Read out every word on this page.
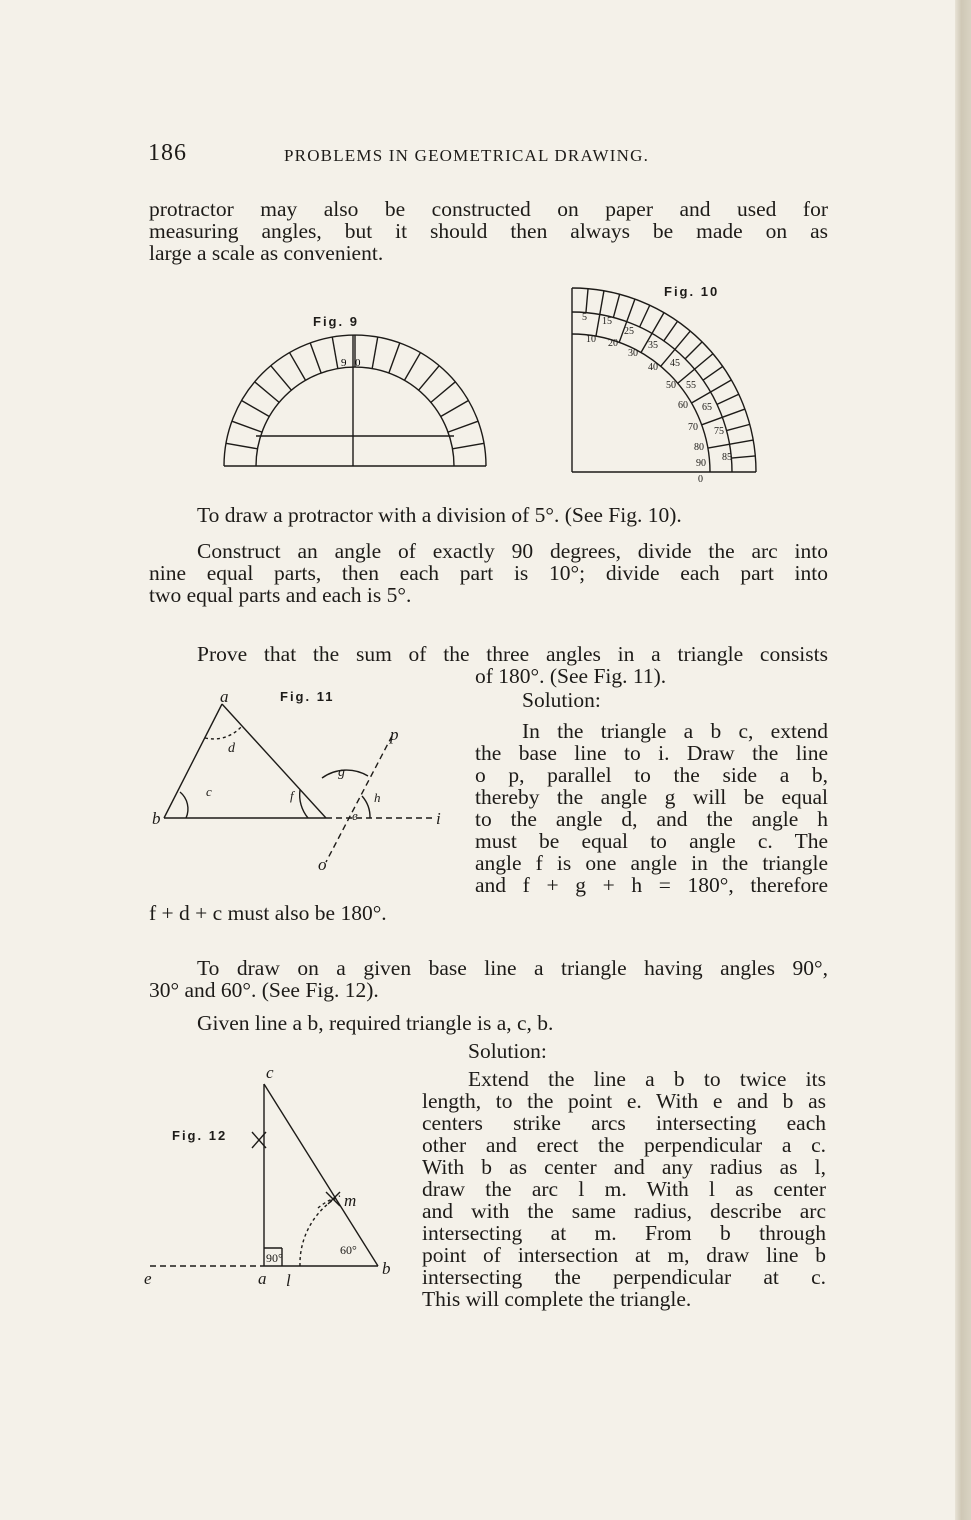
186	PROBLEMS IN GEOMETRICAL DRAWING.
protractor may also be constructed on paper and used for
measuring angles, but it should then always be made on as
large a scale as convenient.
Fig. 9
9 0
Fig. 10
5 15
25
35
45
55
65
75
85
10 20
30
40
50
60
70
80
90
0
To draw a protractor with a division of 5°. (See Fig. 10).
Construct an angle of exactly 90 degrees, divide the arc into
nine equal parts, then each part is 10°; divide each part into
two equal parts and each is 5°.
Prove that the sum of the three angles in a triangle consists
of 180°. (See Fig. 11).
Solution:
In the triangle a b c, extend
the base line to i. Draw the line
o p, parallel to the side a b,
thereby the angle g will be equal
to the angle d, and the angle h
must be equal to angle c. The
angle f is one angle in the triangle
and f + g + h = 180°, therefore
f + d + c must also be 180°.
Fig. 11
a
b
c
d
p
g
o
i
h
f
e
To draw on a given base line a triangle having angles 90°,
30° and 60°. (See Fig. 12).
Given line a b, required triangle is a, c, b.
Solution:
Extend the line a b to twice its
length, to the point e. With e and b as
centers strike arcs intersecting each
other and erect the perpendicular a c.
With b as center and any radius as l,
draw the arc l m. With l as center
and with the same radius, describe arc
intersecting at m. From b through
point of intersection at m, draw line b
intersecting the perpendicular at c.
This will complete the triangle.
Fig. 12
c
m
b
e	a l
90°
60°
